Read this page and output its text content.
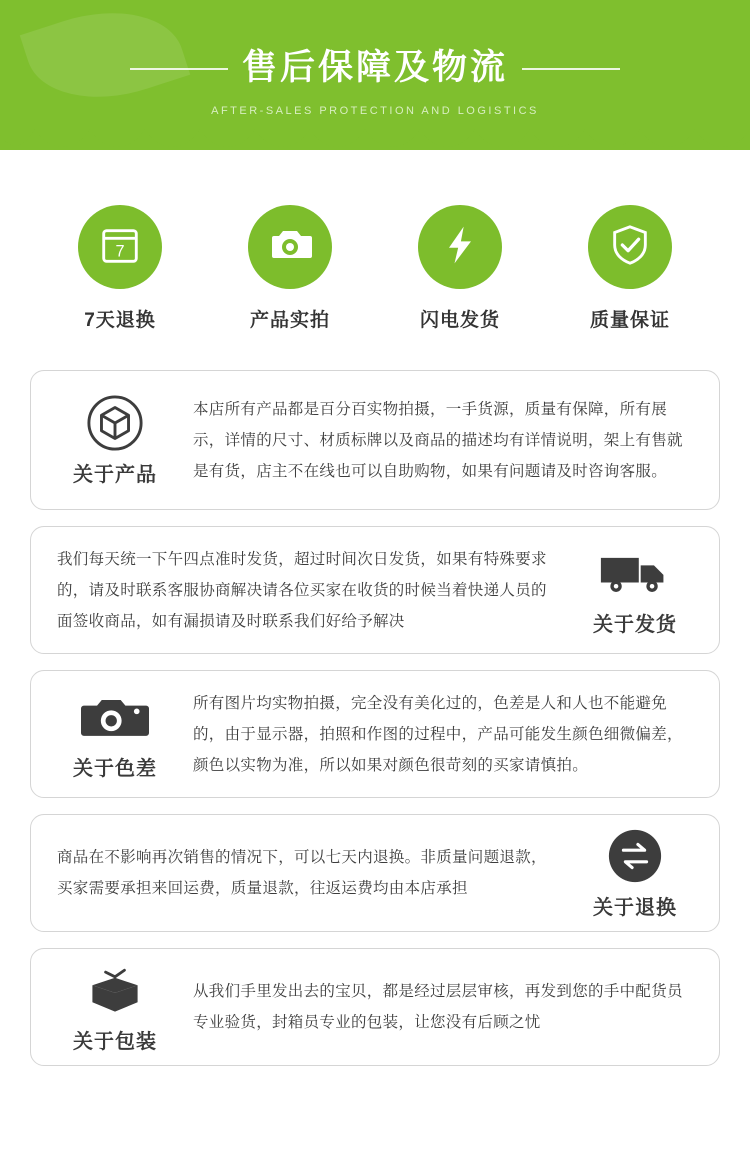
售后保障及物流
AFTER-SALES PROTECTION AND LOGISTICS
7
7天退换	产品实拍	闪电发货	质量保证
关于产品
本店所有产品都是百分百实物拍摄，一手货源，质量有保障，所有展示，详情的尺寸、材质标牌以及商品的描述均有详情说明，架上有售就是有货，店主不在线也可以自助购物，如果有问题请及时咨询客服。
我们每天统一下午四点准时发货，超过时间次日发货，如果有特殊要求的，请及时联系客服协商解决请各位买家在收货的时候当着快递人员的面签收商品，如有漏损请及时联系我们好给予解决	关于发货
关于色差
所有图片均实物拍摄，完全没有美化过的，色差是人和人也不能避免的，由于显示器，拍照和作图的过程中，产品可能发生颜色细微偏差，颜色以实物为准，所以如果对颜色很苛刻的买家请慎拍。
商品在不影响再次销售的情况下，可以七天内退换。非质量问题退款，买家需要承担来回运费，质量退款，往返运费均由本店承担
关于退换
关于包装
从我们手里发出去的宝贝，都是经过层层审核，再发到您的手中配货员专业验货，封箱员专业的包装，让您没有后顾之忧
